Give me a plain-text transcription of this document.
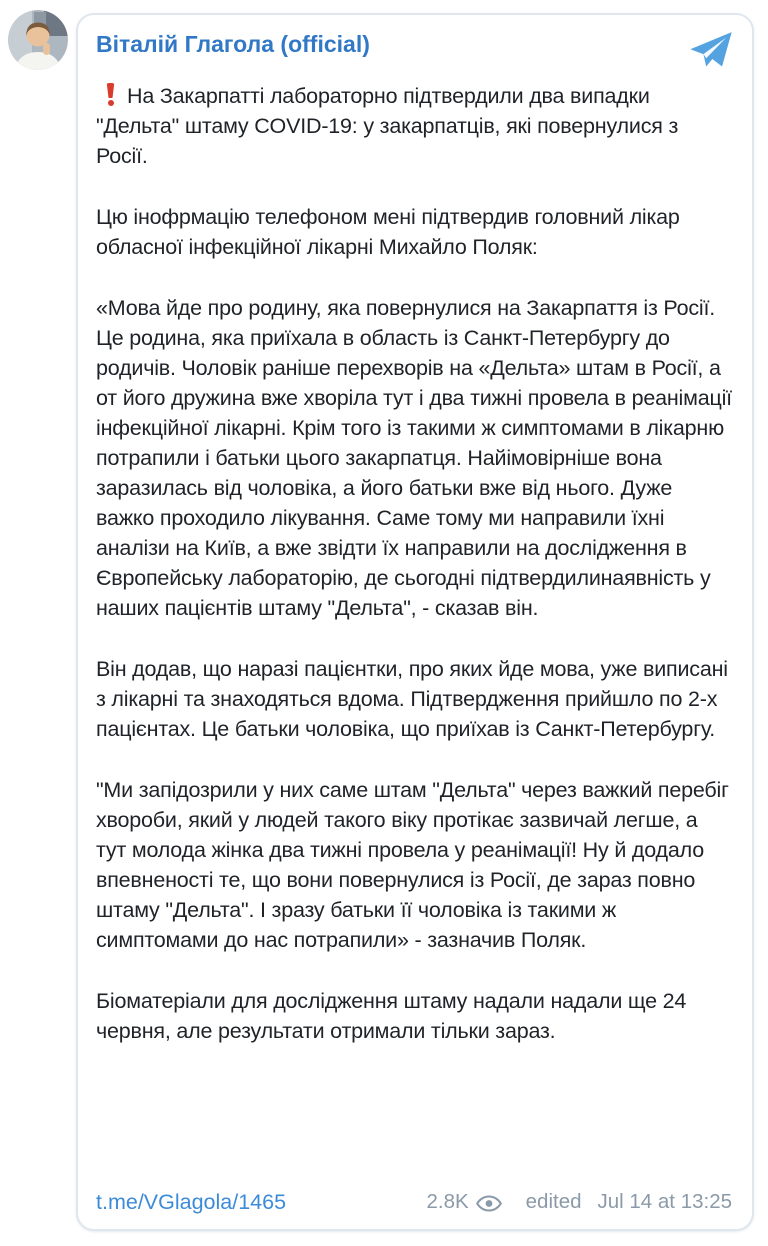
Віталій Глагола (official)

На Закарпатті лабораторно підтвердили два випадки "Дельта" штаму COVID-19: у закарпатців, які повернулися з Росії.

Цю інофрмацію телефоном мені підтвердив головний лікар обласної інфекційної лікарні Михайло Поляк:

«Мова йде про родину, яка повернулися на Закарпаття із Росії. Це родина, яка приїхала в область із Санкт-Петербургу до родичів. Чоловік раніше перехворів на «Дельта» штам в Росії, а от його дружина вже хворіла тут і два тижні провела в реанімації інфекційної лікарні. Крім того із такими ж симптомами в лікарню потрапили і батьки цього закарпатця. Найімовірніше вона заразилась від чоловіка, а його батьки вже від нього. Дуже важко проходило лікування. Саме тому ми направили їхні аналізи на Київ, а вже звідти їх направили на дослідження в Європейську лабораторію, де сьогодні підтвердилинаявність у наших пацієнтів штаму "Дельта", - сказав він.

Він додав, що наразі пацієнтки, про яких йде мова, уже виписані з лікарні та знаходяться вдома. Підтвердження прийшло по 2-х пацієнтах. Це батьки чоловіка, що приїхав із Санкт-Петербургу.

"Ми запідозрили у них саме штам "Дельта" через важкий перебіг хвороби, який у людей такого віку протікає зазвичай легше, а тут молода жінка два тижні провела у реанімації! Ну й додало впевненості те, що вони повернулися із Росії, де зараз повно штаму "Дельта". І зразу батьки її чоловіка із такими ж симптомами до нас потрапили» - зазначив Поляк.

Біоматеріали для дослідження штаму надали надали ще 24 червня, але результати отримали тільки зараз.

t.me/VGlagola/1465	2.8K	edited Jul 14 at 13:25
